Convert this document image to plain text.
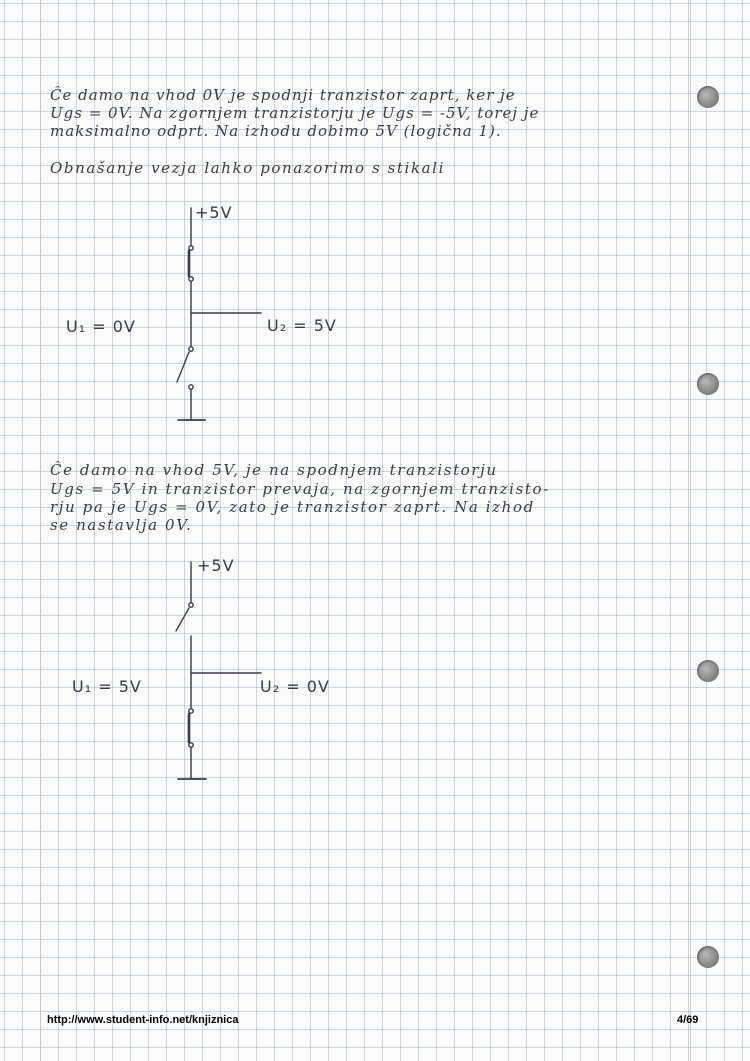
Ĉe damo na vhod 0V je spodnji tranzistor zaprt, ker je
Ugs = 0V. Na zgornjem tranzistorju je Ugs = -5V, torej je
maksimalno odprt. Na izhodu dobimo 5V (logična 1).
Obnašanje vezja lahko ponazorimo s stikali
+5V
U₁ = 0V	U₂ = 5V
Ĉe damo na vhod 5V, je na spodnjem tranzistorju
Ugs = 5V in tranzistor prevaja, na zgornjem tranzisto-
rju pa je Ugs = 0V, zato je tranzistor zaprt. Na izhod
se nastavlja 0V.
+5V
U₁ = 5V	U₂ = 0V
http://www.student-info.net/knjiznica	4/69
